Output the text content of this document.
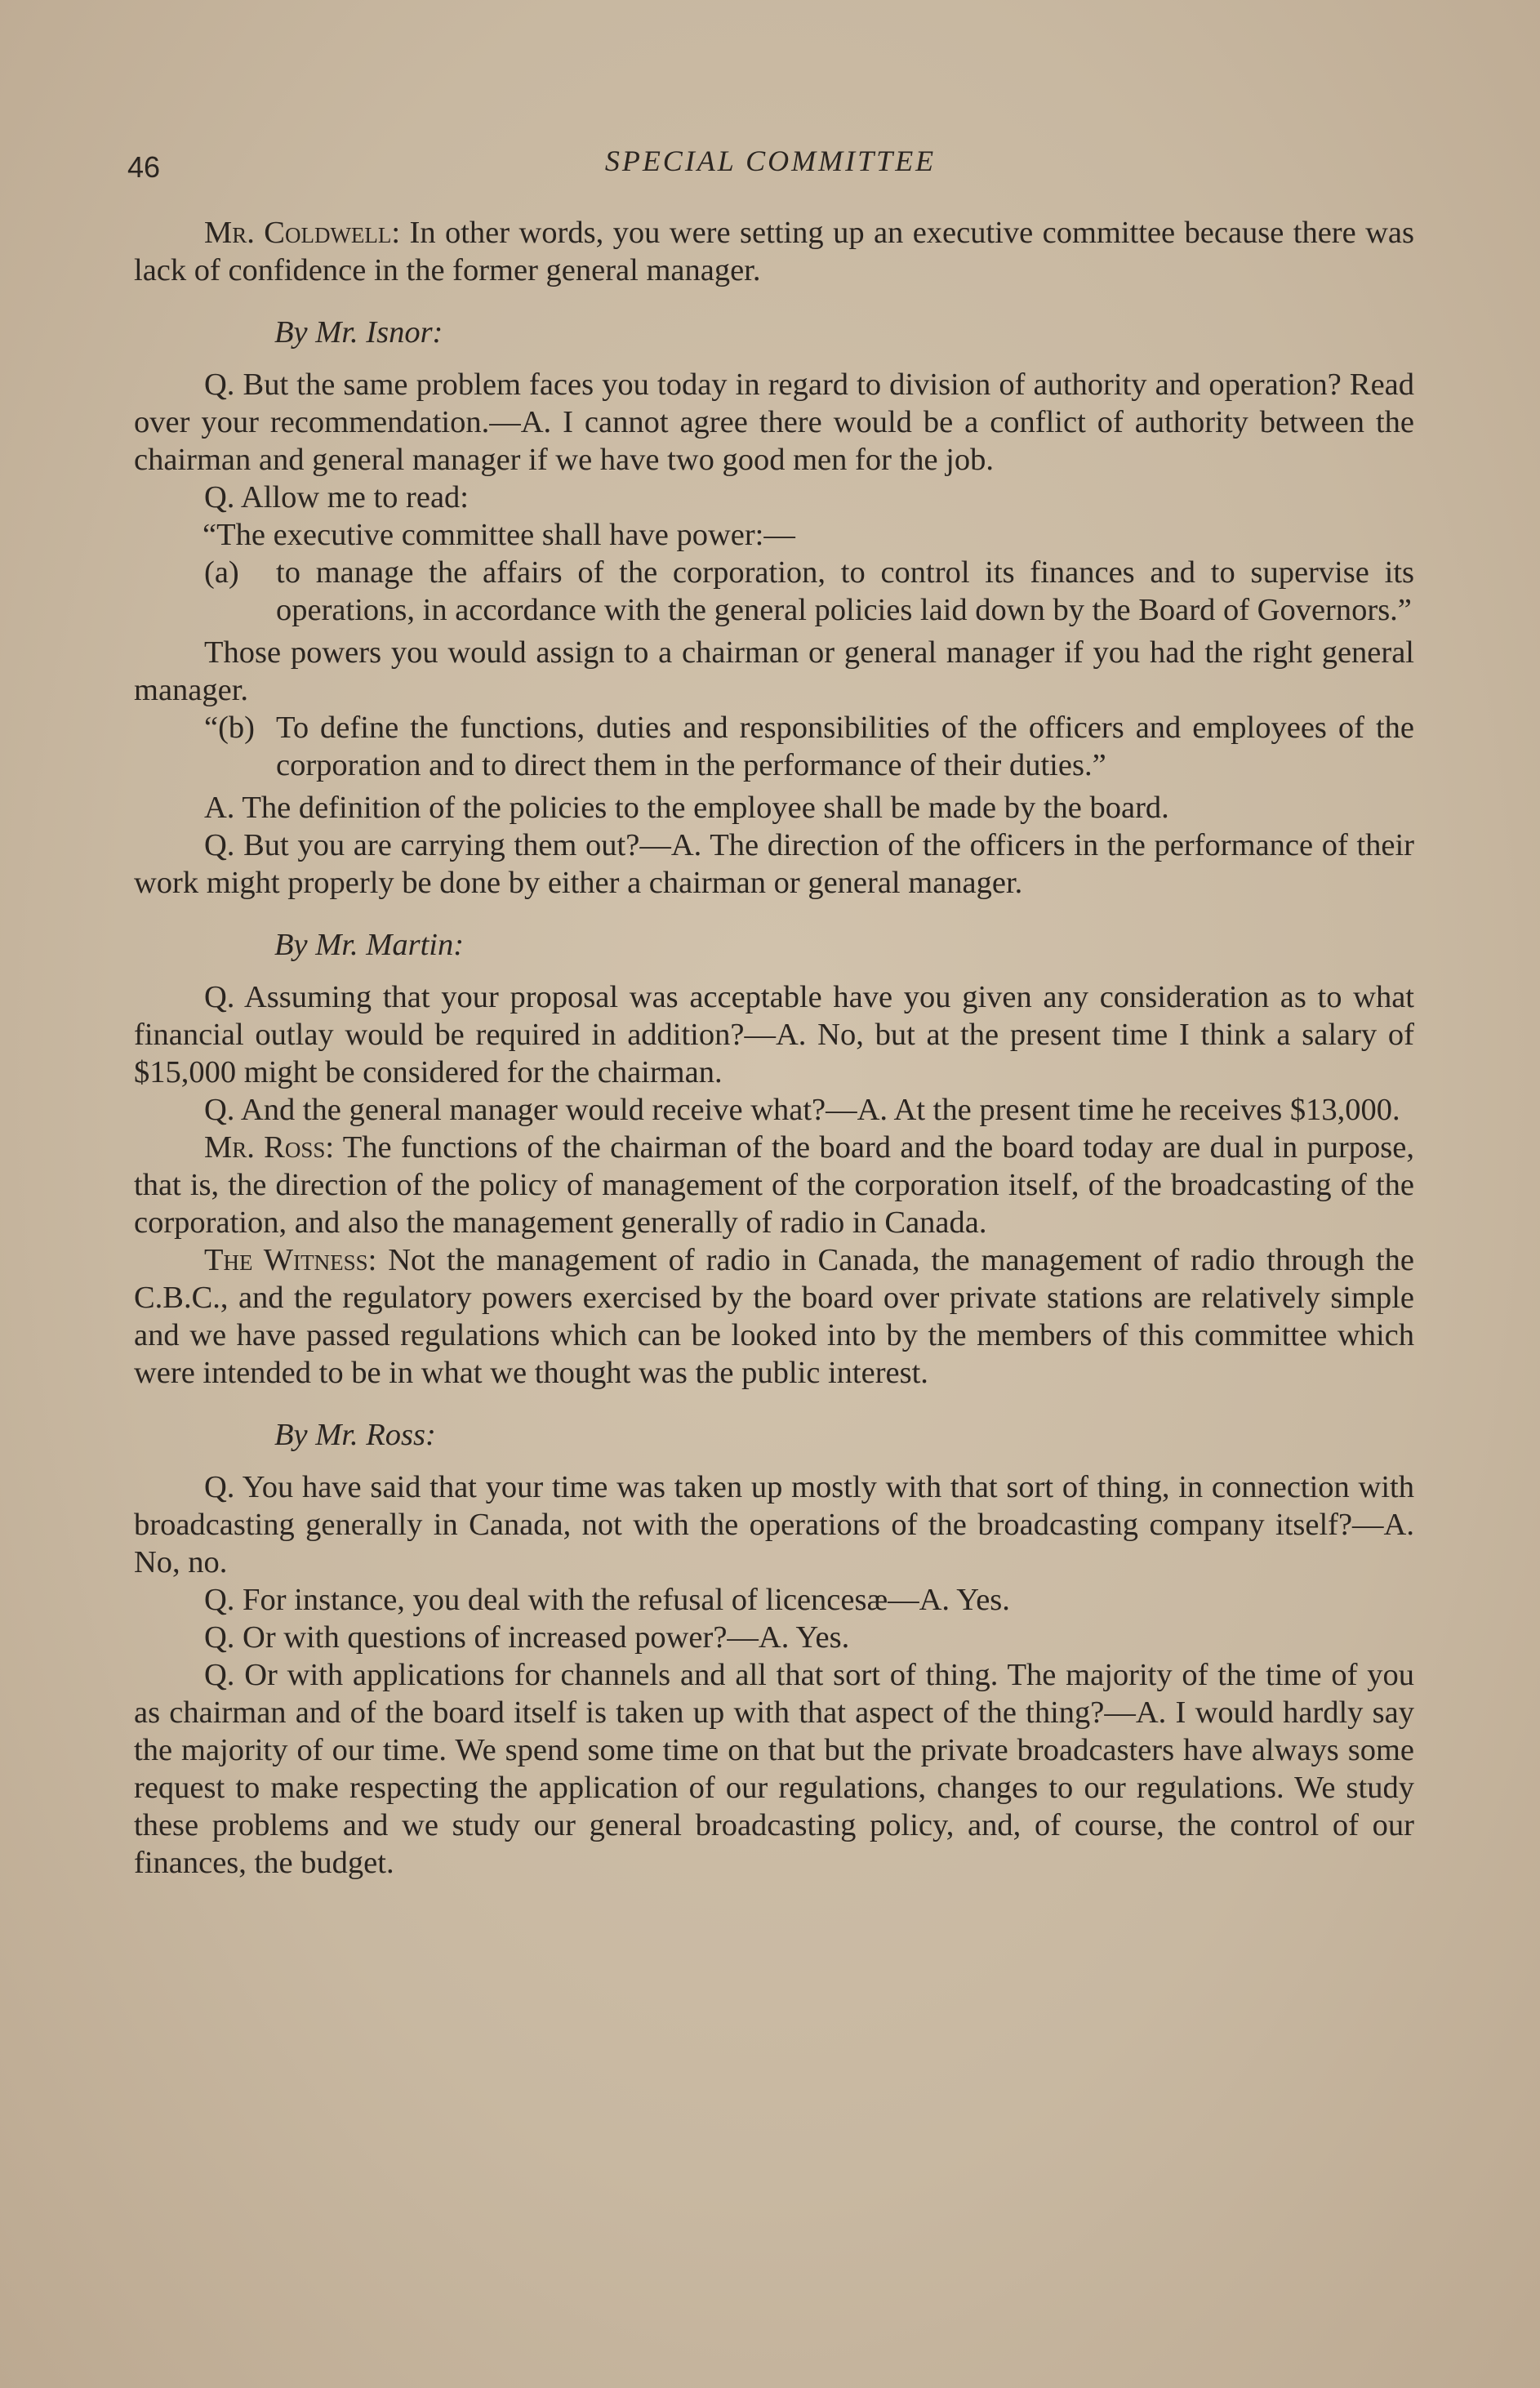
46	SPECIAL COMMITTEE

Mr. Coldwell: In other words, you were setting up an executive committee because there was lack of confidence in the former general manager.

By Mr. Isnor:

Q. But the same problem faces you today in regard to division of authority and operation? Read over your recommendation.—A. I cannot agree there would be a conflict of authority between the chairman and general manager if we have two good men for the job.

Q. Allow me to read:

“The executive committee shall have power:—

(a)	to manage the affairs of the corporation, to control its finances and to supervise its operations, in accordance with the general policies laid down by the Board of Governors.”

Those powers you would assign to a chairman or general manager if you had the right general manager.

“(b) To define the functions, duties and responsibilities of the officers and employees of the corporation and to direct them in the performance of their duties.”

A. The definition of the policies to the employee shall be made by the board.

Q. But you are carrying them out?—A. The direction of the officers in the performance of their work might properly be done by either a chairman or general manager.

By Mr. Martin:

Q. Assuming that your proposal was acceptable have you given any consideration as to what financial outlay would be required in addition?—A. No, but at the present time I think a salary of $15,000 might be considered for the chairman.

Q. And the general manager would receive what?—A. At the present time he receives $13,000.

Mr. Ross: The functions of the chairman of the board and the board today are dual in purpose, that is, the direction of the policy of management of the corporation itself, of the broadcasting of the corporation, and also the management generally of radio in Canada.

The Witness: Not the management of radio in Canada, the management of radio through the C.B.C., and the regulatory powers exercised by the board over private stations are relatively simple and we have passed regulations which can be looked into by the members of this committee which were intended to be in what we thought was the public interest.

By Mr. Ross:

Q. You have said that your time was taken up mostly with that sort of thing, in connection with broadcasting generally in Canada, not with the operations of the broadcasting company itself?—A. No, no.

Q. For instance, you deal with the refusal of licencesæ—A. Yes.

Q. Or with questions of increased power?—A. Yes.

Q. Or with applications for channels and all that sort of thing. The majority of the time of you as chairman and of the board itself is taken up with that aspect of the thing?—A. I would hardly say the majority of our time. We spend some time on that but the private broadcasters have always some request to make respecting the application of our regulations, changes to our regulations. We study these problems and we study our general broadcasting policy, and, of course, the control of our finances, the budget.
